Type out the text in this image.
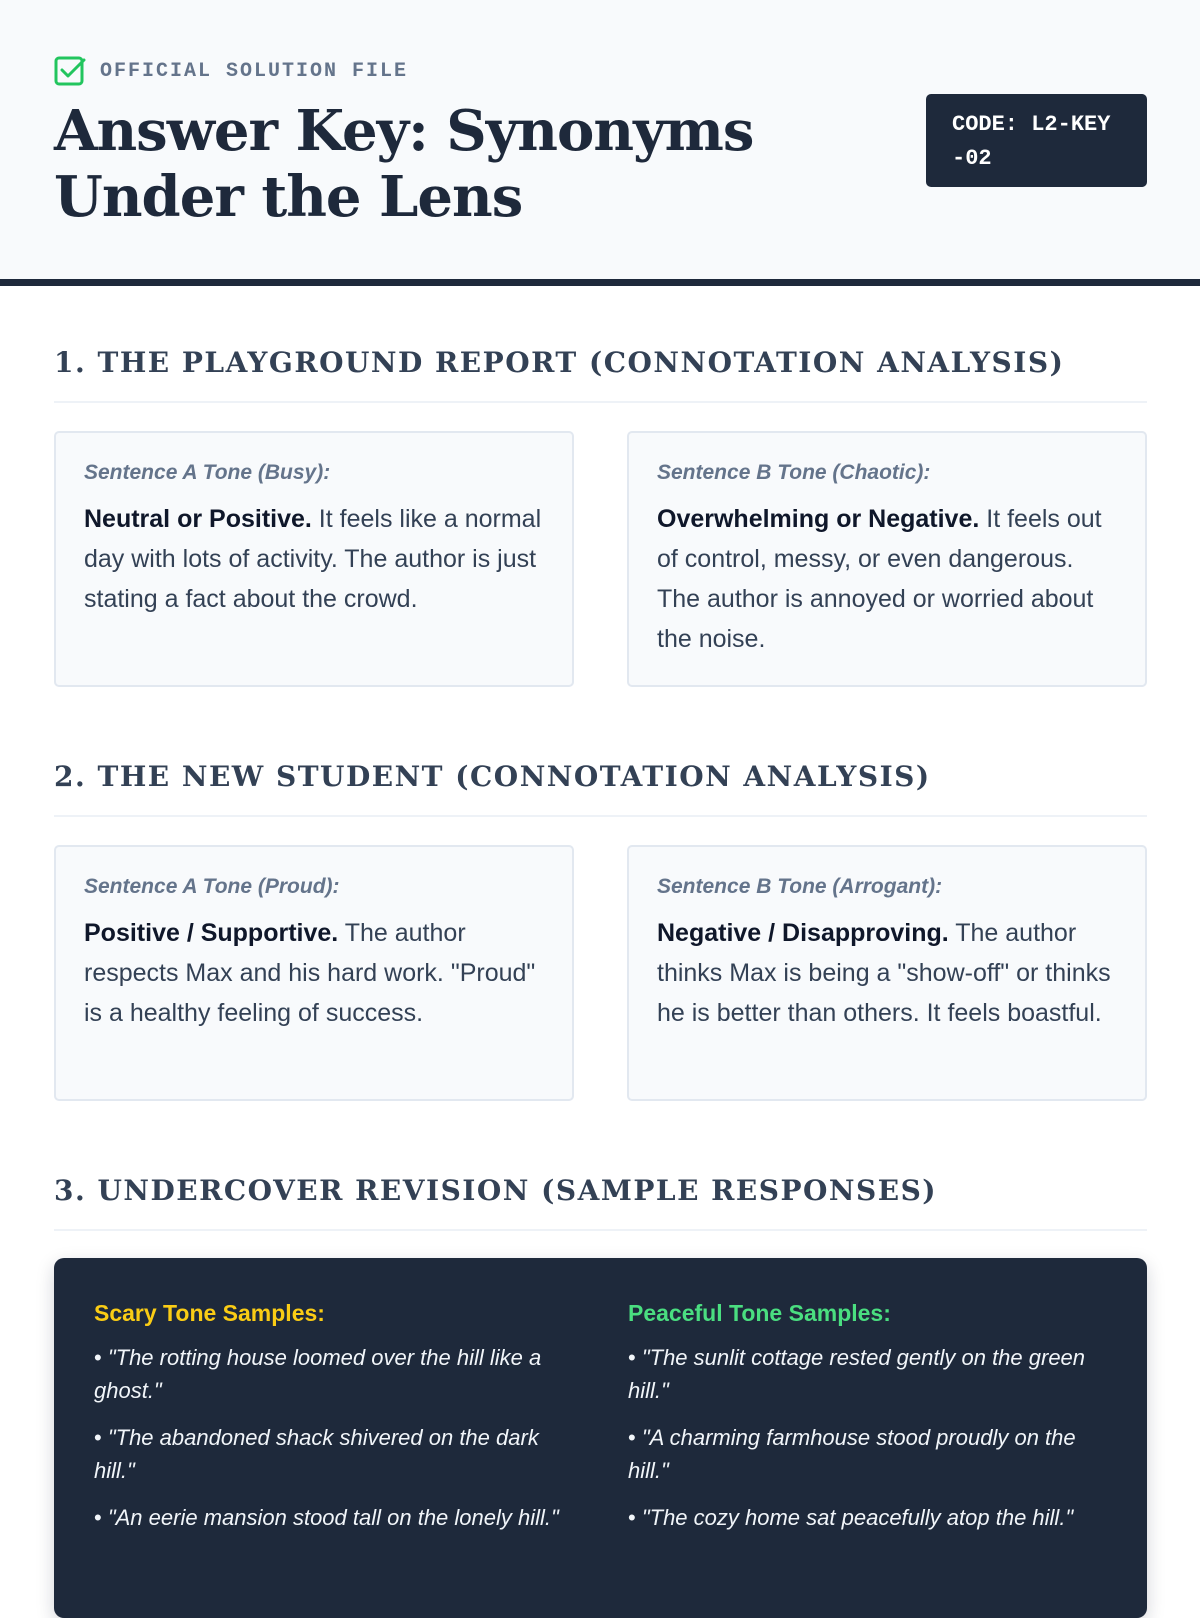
OFFICIAL SOLUTION FILE
Answer Key: Synonyms Under the Lens
CODE: L2-KEY-02
1. THE PLAYGROUND REPORT (CONNOTATION ANALYSIS)
Sentence A Tone (Busy):

Neutral or Positive. It feels like a normal day with lots of activity. The author is just stating a fact about the crowd.

Sentence B Tone (Chaotic):

Overwhelming or Negative. It feels out of control, messy, or even dangerous. The author is annoyed or worried about the noise.

2. THE NEW STUDENT (CONNOTATION ANALYSIS)
Sentence A Tone (Proud):

Positive / Supportive. The author respects Max and his hard work. "Proud" is a healthy feeling of success.

Sentence B Tone (Arrogant):

Negative / Disapproving. The author thinks Max is being a "show-off" or thinks he is better than others. It feels boastful.

3. UNDERCOVER REVISION (SAMPLE RESPONSES)
Scary Tone Samples:

• "The rotting house loomed over the hill like a ghost."

• "The abandoned shack shivered on the dark hill."

• "An eerie mansion stood tall on the lonely hill."

Peaceful Tone Samples:

• "The sunlit cottage rested gently on the green hill."

• "A charming farmhouse stood proudly on the hill."

• "The cozy home sat peacefully atop the hill."
